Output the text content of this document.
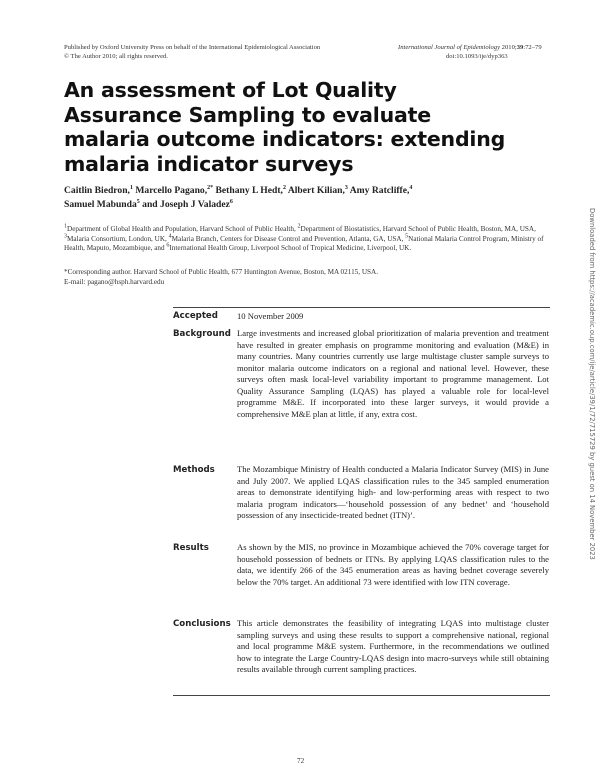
Published by Oxford University Press on behalf of the International Epidemiological Association
© The Author 2010; all rights reserved.
International Journal of Epidemiology 2010;39:72–79
doi:10.1093/ije/dyp363
An assessment of Lot Quality Assurance Sampling to evaluate malaria outcome indicators: extending malaria indicator surveys
Caitlin Biedron,$^1$ Marcello Pagano,$^{2*}$ Bethany L Hedt,$^2$ Albert Kilian,$^3$ Amy Ratcliffe,$^4$
Samuel Mabunda$^5$ and Joseph J Valadez$^6$
$^1$Department of Global Health and Population, Harvard School of Public Health, $^2$Department of Biostatistics, Harvard School of Public Health, Boston, MA, USA, $^3$Malaria Consortium, London, UK, $^4$Malaria Branch, Centers for Disease Control and Prevention, Atlanta, GA, USA, $^5$National Malaria Control Program, Ministry of Health, Maputo, Mozambique, and $^6$International Health Group, Liverpool School of Tropical Medicine, Liverpool, UK.
*Corresponding author. Harvard School of Public Health, 677 Huntington Avenue, Boston, MA 02115, USA.
E-mail: pagano@hsph.harvard.edu
Accepted	10 November 2009

Background Large investments and increased global prioritization of malaria prevention and treatment have resulted in greater emphasis on programme monitoring and evaluation (M&E) in many countries. Many countries currently use large multistage cluster sample surveys to monitor malaria outcome indicators on a regional and national level. However, these surveys often mask local-level variability important to programme management. Lot Quality Assurance Sampling (LQAS) has played a valuable role for local-level programme M&E. If incorporated into these larger surveys, it would provide a comprehensive M&E plan at little, if any, extra cost.

Methods	The Mozambique Ministry of Health conducted a Malaria Indicator Survey (MIS) in June and July 2007. We applied LQAS classification rules to the 345 sampled enumeration areas to demonstrate identifying high- and low-performing areas with respect to two malaria program indicators—‘household possession of any bednet’ and ‘household possession of any insecticide-treated bednet (ITN)’.

Results	As shown by the MIS, no province in Mozambique achieved the 70% coverage target for household possession of bednets or ITNs. By applying LQAS classification rules to the data, we identify 266 of the 345 enumeration areas as having bednet coverage severely below the 70% target. An additional 73 were identified with low ITN coverage.

Conclusions This article demonstrates the feasibility of integrating LQAS into multistage cluster sampling surveys and using these results to support a comprehensive national, regional and local programme M&E system. Furthermore, in the recommendations we outlined how to integrate the Large Country-LQAS design into macro-surveys while still obtaining results available through current sampling practices.

72
Downloaded from https://academic.oup.com/ije/article/39/1/72/715729 by guest on 14 November 2023
